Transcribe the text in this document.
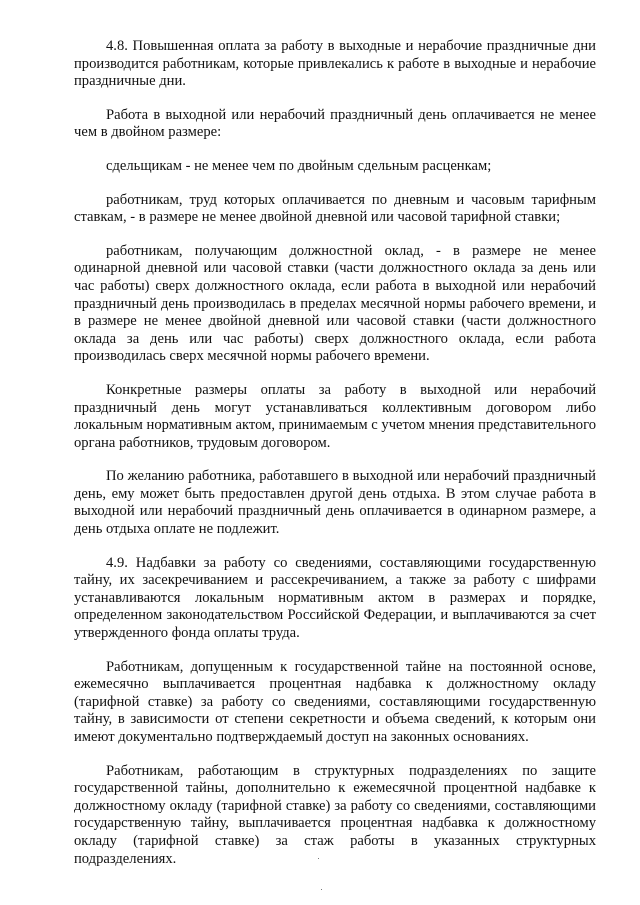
4.8. Повышенная оплата за работу в выходные и нерабочие праздничные дни производится работникам, которые привлекались к работе в выходные и нерабочие праздничные дни.

Работа в выходной или нерабочий праздничный день оплачивается не менее чем в двойном размере:

сдельщикам - не менее чем по двойным сдельным расценкам;

работникам, труд которых оплачивается по дневным и часовым тарифным ставкам, - в размере не менее двойной дневной или часовой тарифной ставки;

работникам, получающим должностной оклад, - в размере не менее одинарной дневной или часовой ставки (части должностного оклада за день или час работы) сверх должностного оклада, если работа в выходной или нерабочий праздничный день производилась в пределах месячной нормы рабочего времени, и в размере не менее двойной дневной или часовой ставки (части должностного оклада за день или час работы) сверх должностного оклада, если работа производилась сверх месячной нормы рабочего времени.

Конкретные размеры оплаты за работу в выходной или нерабочий праздничный день могут устанавливаться коллективным договором либо локальным нормативным актом, принимаемым с учетом мнения представительного органа работников, трудовым договором.

По желанию работника, работавшего в выходной или нерабочий праздничный день, ему может быть предоставлен другой день отдыха. В этом случае работа в выходной или нерабочий праздничный день оплачивается в одинарном размере, а день отдыха оплате не подлежит.

4.9. Надбавки за работу со сведениями, составляющими государственную тайну, их засекречиванием и рассекречиванием, а также за работу с шифрами устанавливаются локальным нормативным актом в размерах и порядке, определенном законодательством Российской Федерации, и выплачиваются за счет утвержденного фонда оплаты труда.

Работникам, допущенным к государственной тайне на постоянной основе, ежемесячно выплачивается процентная надбавка к должностному окладу (тарифной ставке) за работу со сведениями, составляющими государственную тайну, в зависимости от степени секретности и объема сведений, к которым они имеют документально подтверждаемый доступ на законных основаниях.

Работникам, работающим в структурных подразделениях по защите государственной тайны, дополнительно к ежемесячной процентной надбавке к должностному окладу (тарифной ставке) за работу со сведениями, составляющими государственную тайну, выплачивается процентная надбавка к должностному окладу (тарифной ставке) за стаж работы в указанных структурных подразделениях.
